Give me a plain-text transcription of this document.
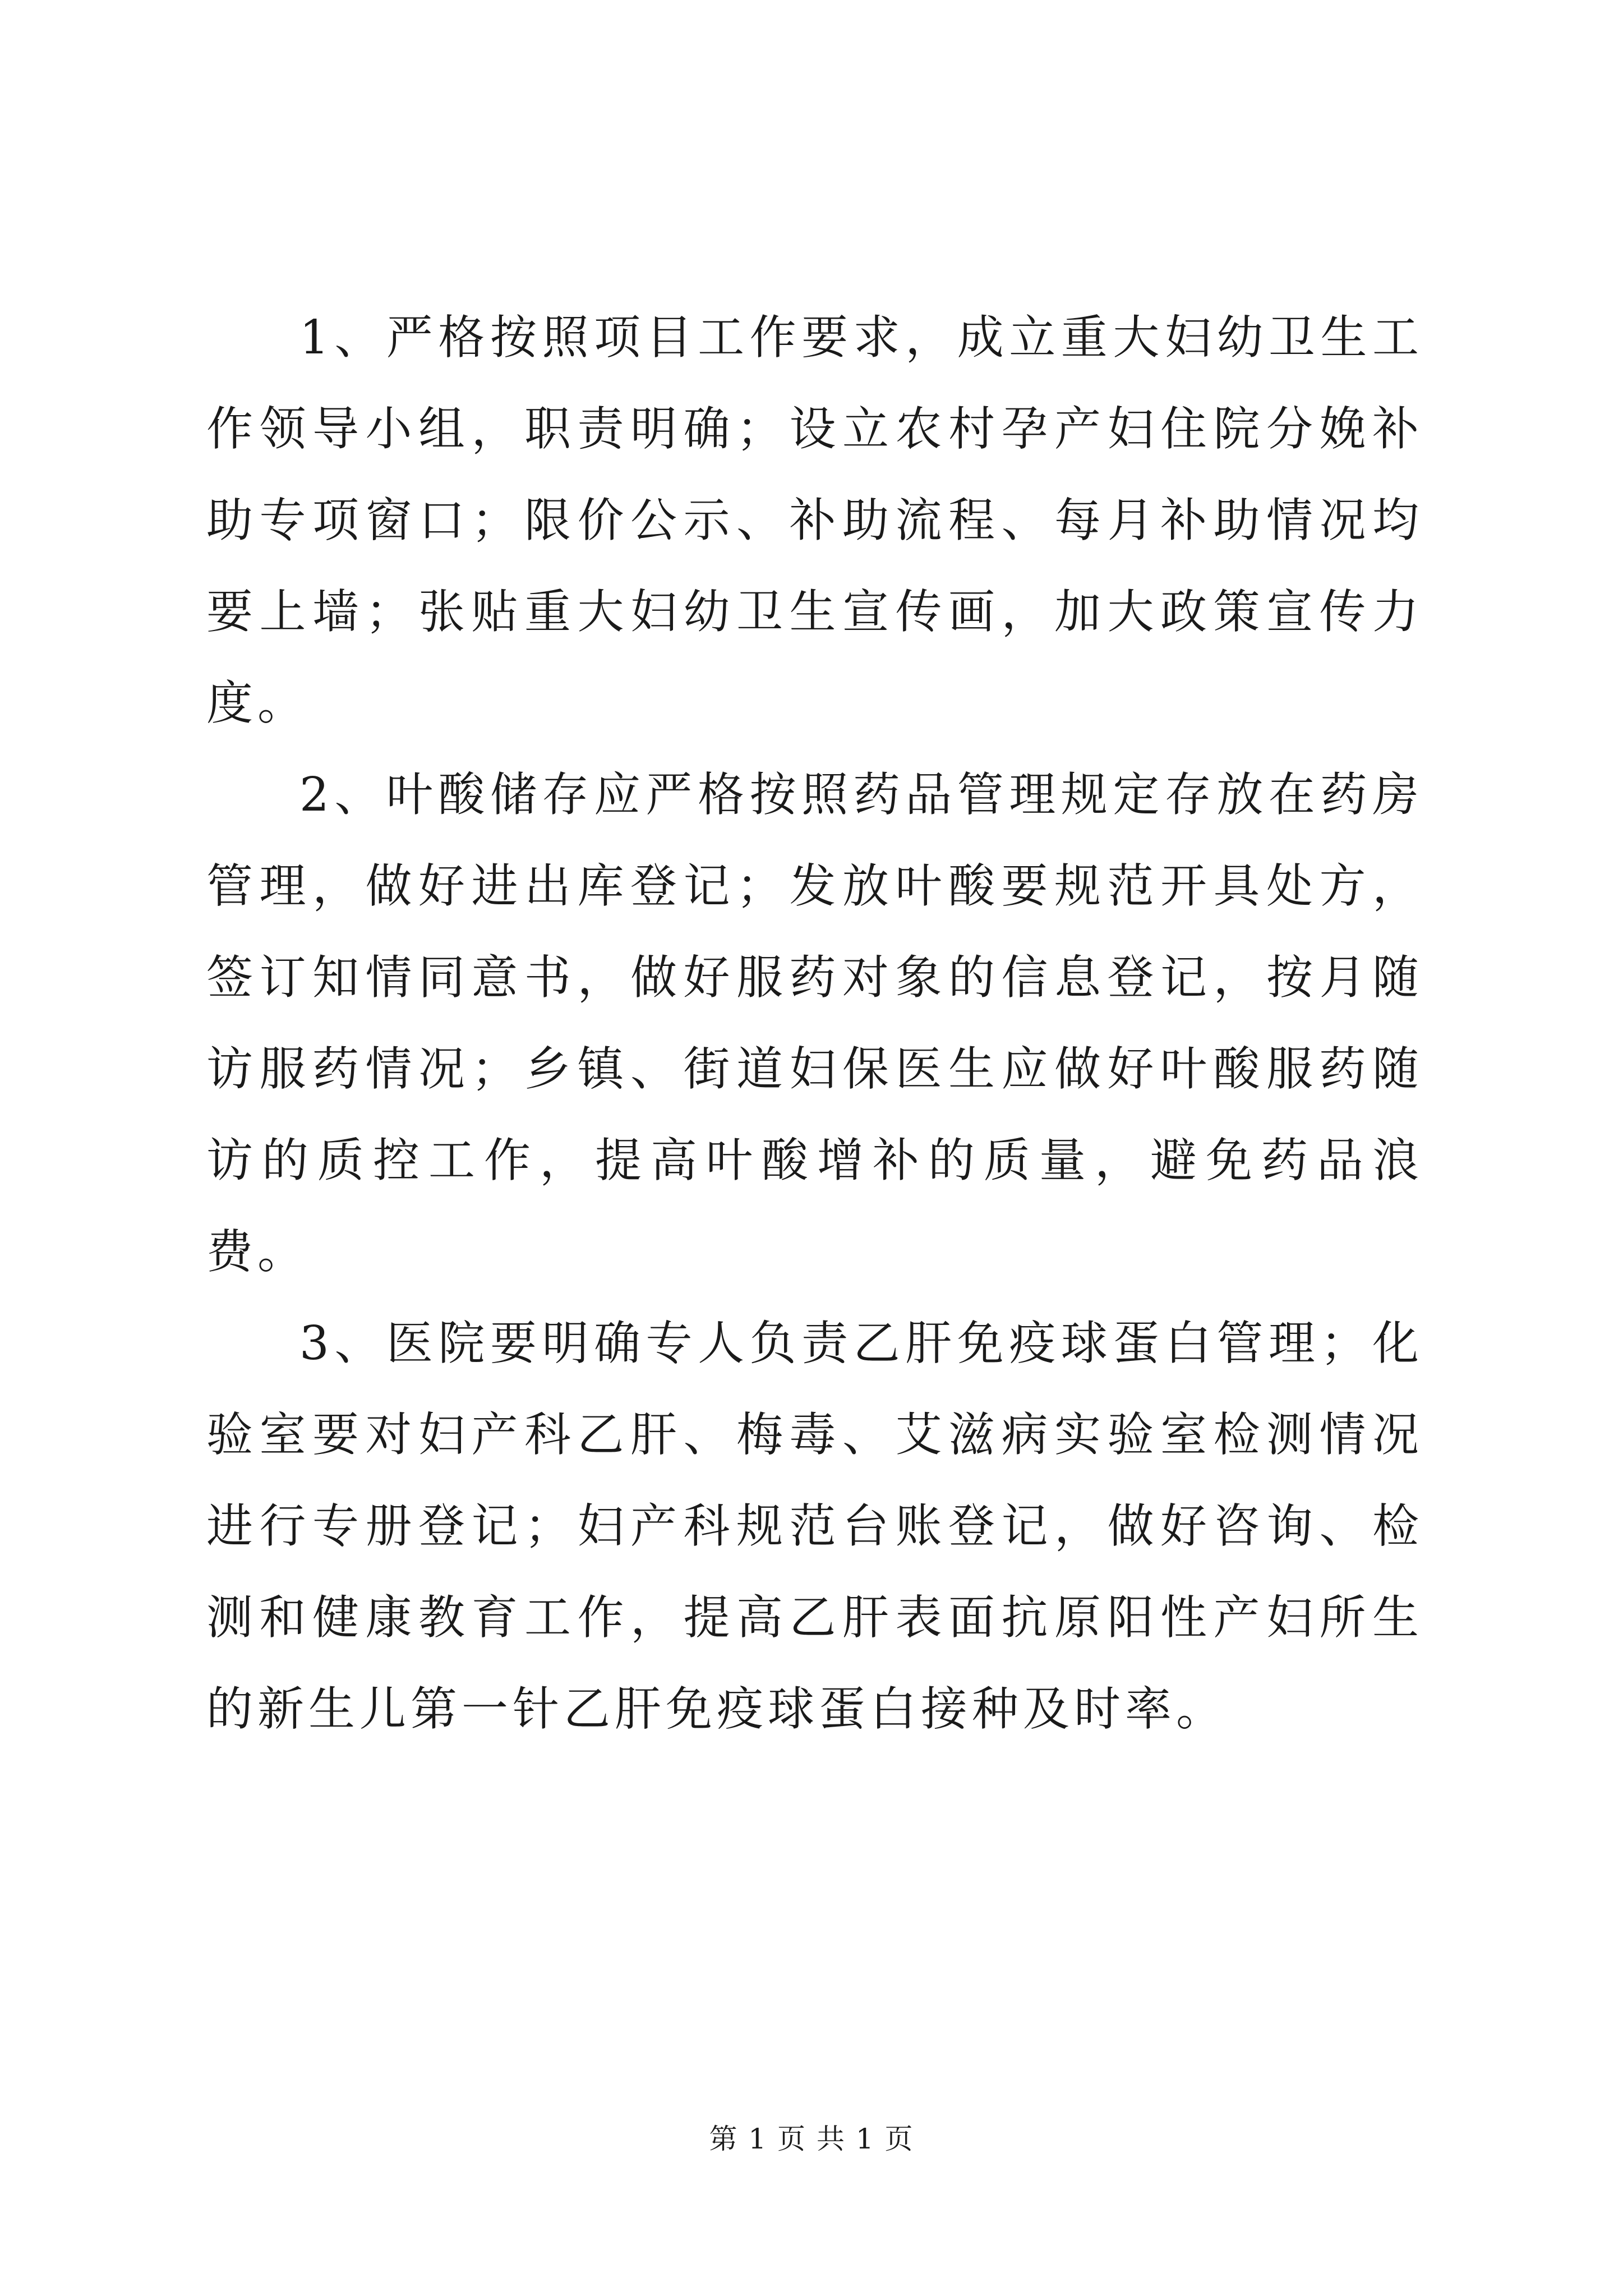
1、严格按照项目工作要求，成立重大妇幼卫生工作领导小组，职责明确；设立农村孕产妇住院分娩补助专项窗口；限价公示、补助流程、每月补助情况均要上墙；张贴重大妇幼卫生宣传画，加大政策宣传力度。

2、叶酸储存应严格按照药品管理规定存放在药房管理，做好进出库登记；发放叶酸要规范开具处方，签订知情同意书，做好服药对象的信息登记，按月随访服药情况；乡镇、街道妇保医生应做好叶酸服药随访的质控工作，提高叶酸增补的质量，避免药品浪费。

3、医院要明确专人负责乙肝免疫球蛋白管理；化验室要对妇产科乙肝、梅毒、艾滋病实验室检测情况进行专册登记；妇产科规范台账登记，做好咨询、检测和健康教育工作，提高乙肝表面抗原阳性产妇所生的新生儿第一针乙肝免疫球蛋白接种及时率。

第 1 页 共 1 页
